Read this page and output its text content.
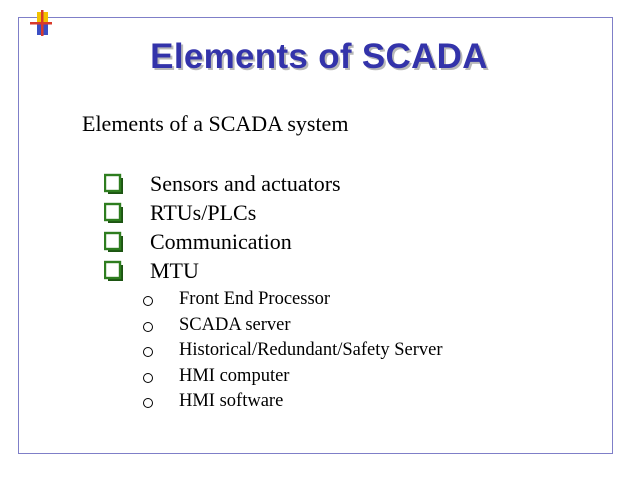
Elements of SCADA
Elements of a SCADA system
Sensors and actuators
RTUs/PLCs
Communication
MTU
Front End Processor
SCADA server
Historical/Redundant/Safety Server
HMI computer
HMI software
